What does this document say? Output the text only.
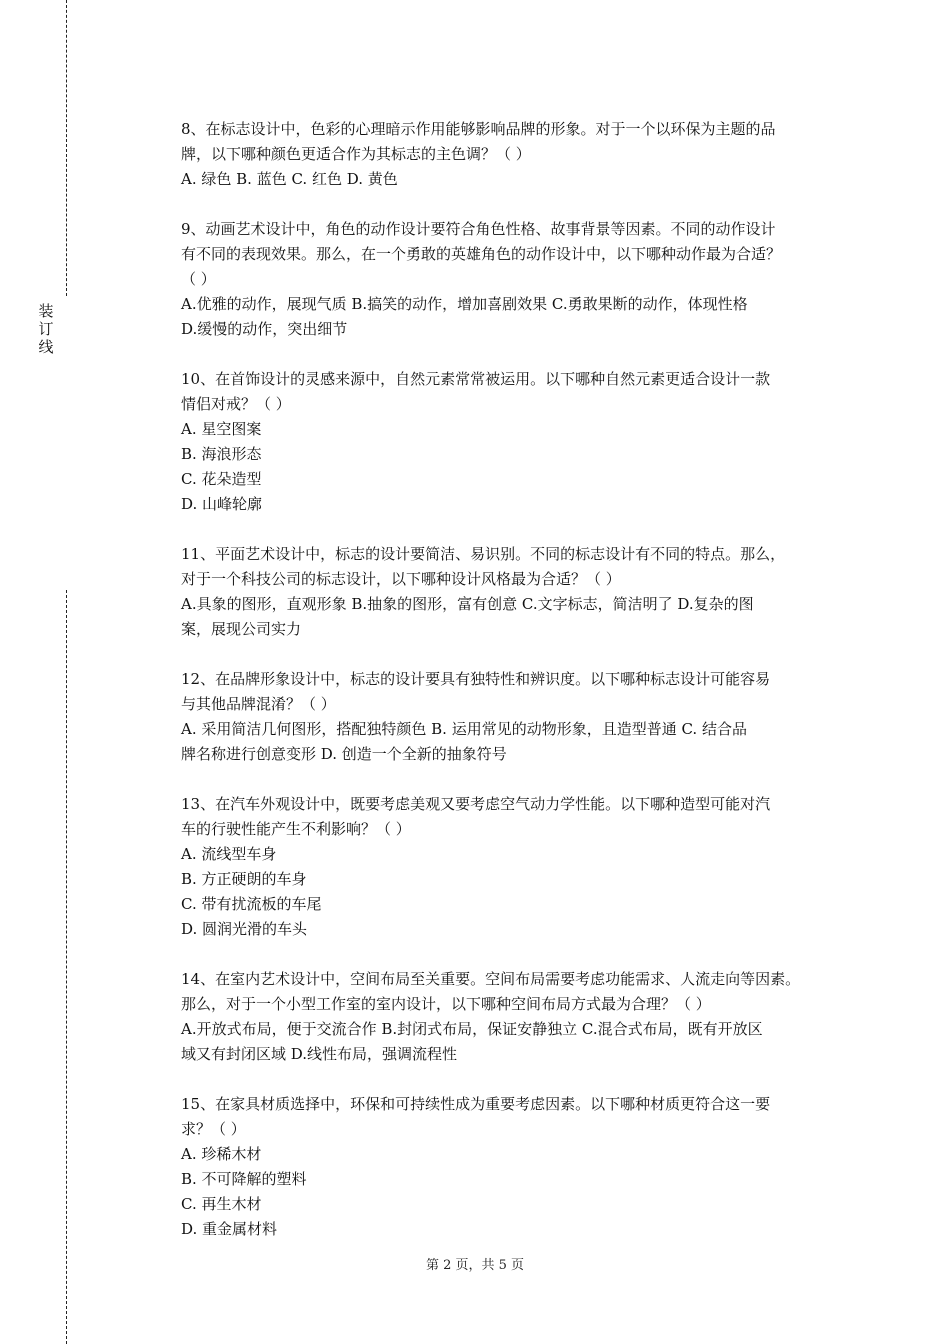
装
订
线
8、在标志设计中，色彩的心理暗示作用能够影响品牌的形象。对于一个以环保为主题的品
牌，以下哪种颜色更适合作为其标志的主色调？（ ）
A. 绿色 B. 蓝色 C. 红色 D. 黄色
9、动画艺术设计中，角色的动作设计要符合角色性格、故事背景等因素。不同的动作设计
有不同的表现效果。那么，在一个勇敢的英雄角色的动作设计中，以下哪种动作最为合适？
（ ）
A.优雅的动作，展现气质 B.搞笑的动作，增加喜剧效果 C.勇敢果断的动作，体现性格
D.缓慢的动作，突出细节
10、在首饰设计的灵感来源中，自然元素常常被运用。以下哪种自然元素更适合设计一款
情侣对戒？（ ）
A. 星空图案
B. 海浪形态
C. 花朵造型
D. 山峰轮廓
11、平面艺术设计中，标志的设计要简洁、易识别。不同的标志设计有不同的特点。那么，
对于一个科技公司的标志设计，以下哪种设计风格最为合适？（ ）
A.具象的图形，直观形象 B.抽象的图形，富有创意 C.文字标志，简洁明了 D.复杂的图
案，展现公司实力
12、在品牌形象设计中，标志的设计要具有独特性和辨识度。以下哪种标志设计可能容易
与其他品牌混淆？（ ）
A. 采用简洁几何图形，搭配独特颜色 B. 运用常见的动物形象，且造型普通 C. 结合品
牌名称进行创意变形 D. 创造一个全新的抽象符号
13、在汽车外观设计中，既要考虑美观又要考虑空气动力学性能。以下哪种造型可能对汽
车的行驶性能产生不利影响？（ ）
A. 流线型车身
B. 方正硬朗的车身
C. 带有扰流板的车尾
D. 圆润光滑的车头
14、在室内艺术设计中，空间布局至关重要。空间布局需要考虑功能需求、人流走向等因素。
那么，对于一个小型工作室的室内设计，以下哪种空间布局方式最为合理？（ ）
A.开放式布局，便于交流合作 B.封闭式布局，保证安静独立 C.混合式布局，既有开放区
域又有封闭区域 D.线性布局，强调流程性
15、在家具材质选择中，环保和可持续性成为重要考虑因素。以下哪种材质更符合这一要
求？（ ）
A. 珍稀木材
B. 不可降解的塑料
C. 再生木材
D. 重金属材料
第 2 页，共 5 页
